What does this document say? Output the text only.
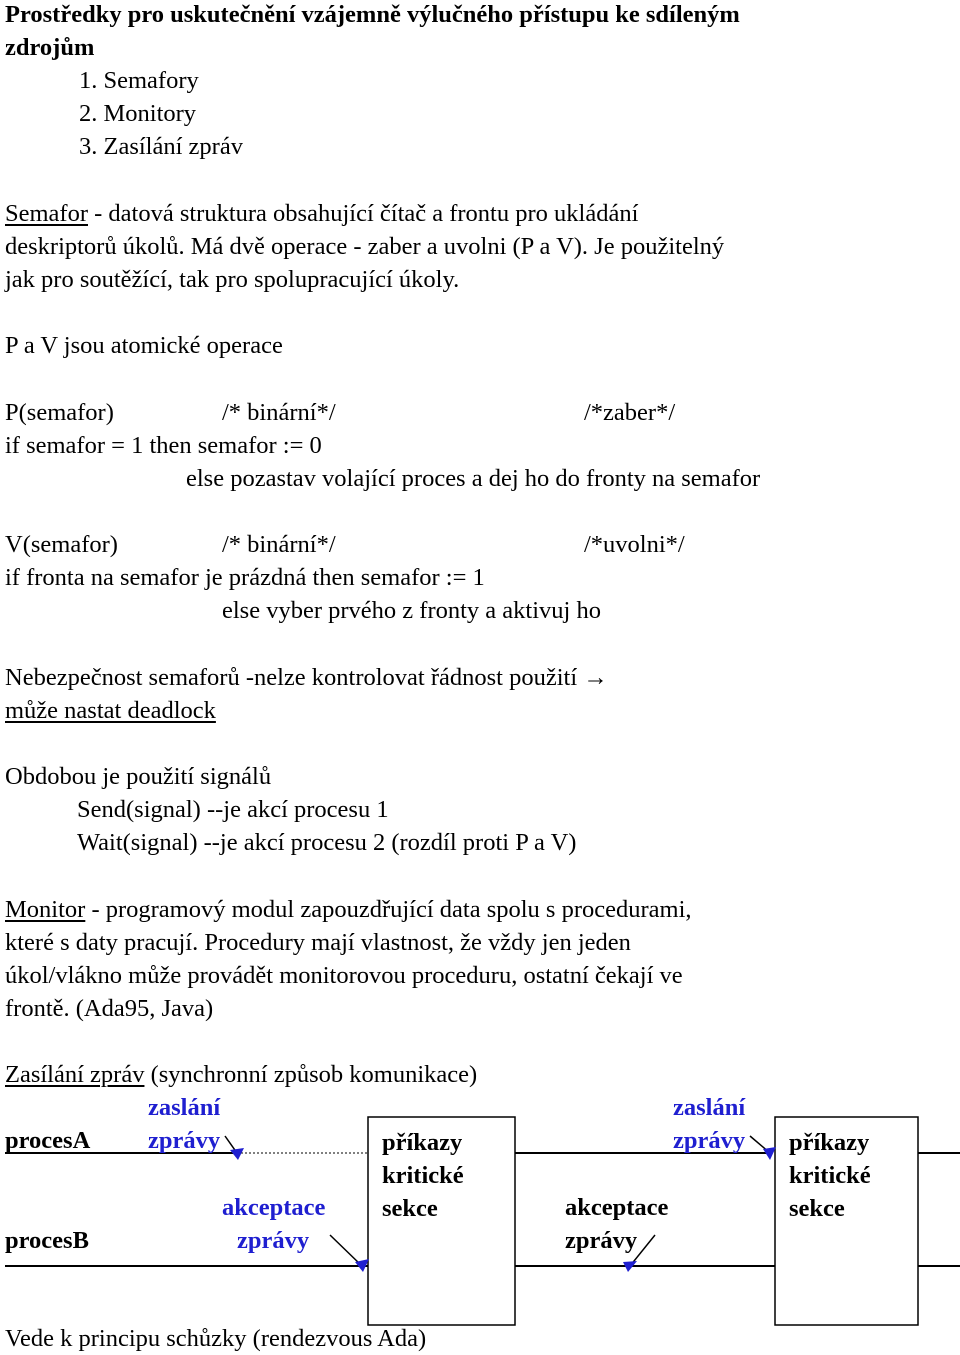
Prostředky pro uskutečnění vzájemně výlučného přístupu ke sdíleným
zdrojům
1. Semafory
2. Monitory
3. Zasílání zpráv
Semafor - datová struktura obsahující čítač a frontu pro ukládání
deskriptorů úkolů. Má dvě operace - zaber a uvolni (P a V). Je použitelný
jak pro soutěžící, tak pro spolupracující úkoly.
P a V jsou atomické operace
P(semafor)	/* binární*/	/*zaber*/
if semafor = 1 then semafor := 0
else pozastav volající proces a dej ho do fronty na semafor
V(semafor)	/* binární*/	/*uvolni*/
if fronta na semafor je prázdná then semafor := 1
else vyber prvého z fronty a aktivuj ho
Nebezpečnost semaforů -nelze kontrolovat řádnost použití →
může nastat deadlock
Obdobou je použití signálů
Send(signal) --je akcí procesu 1
Wait(signal) --je akcí procesu 2 (rozdíl proti P a V)
Monitor - programový modul zapouzdřující data spolu s procedurami,
které s daty pracují. Procedury mají vlastnost, že vždy jen jeden
úkol/vlákno může provádět monitorovou proceduru, ostatní čekají ve
frontě. (Ada95, Java)
Zasílání zpráv (synchronní způsob komunikace)
procesA
procesB
zaslání
zprávy
zaslání
zprávy
akceptace
zprávy
akceptace
zprávy
příkazy
kritické
sekce
příkazy
kritické
sekce
Vede k principu schůzky (rendezvous Ada)
